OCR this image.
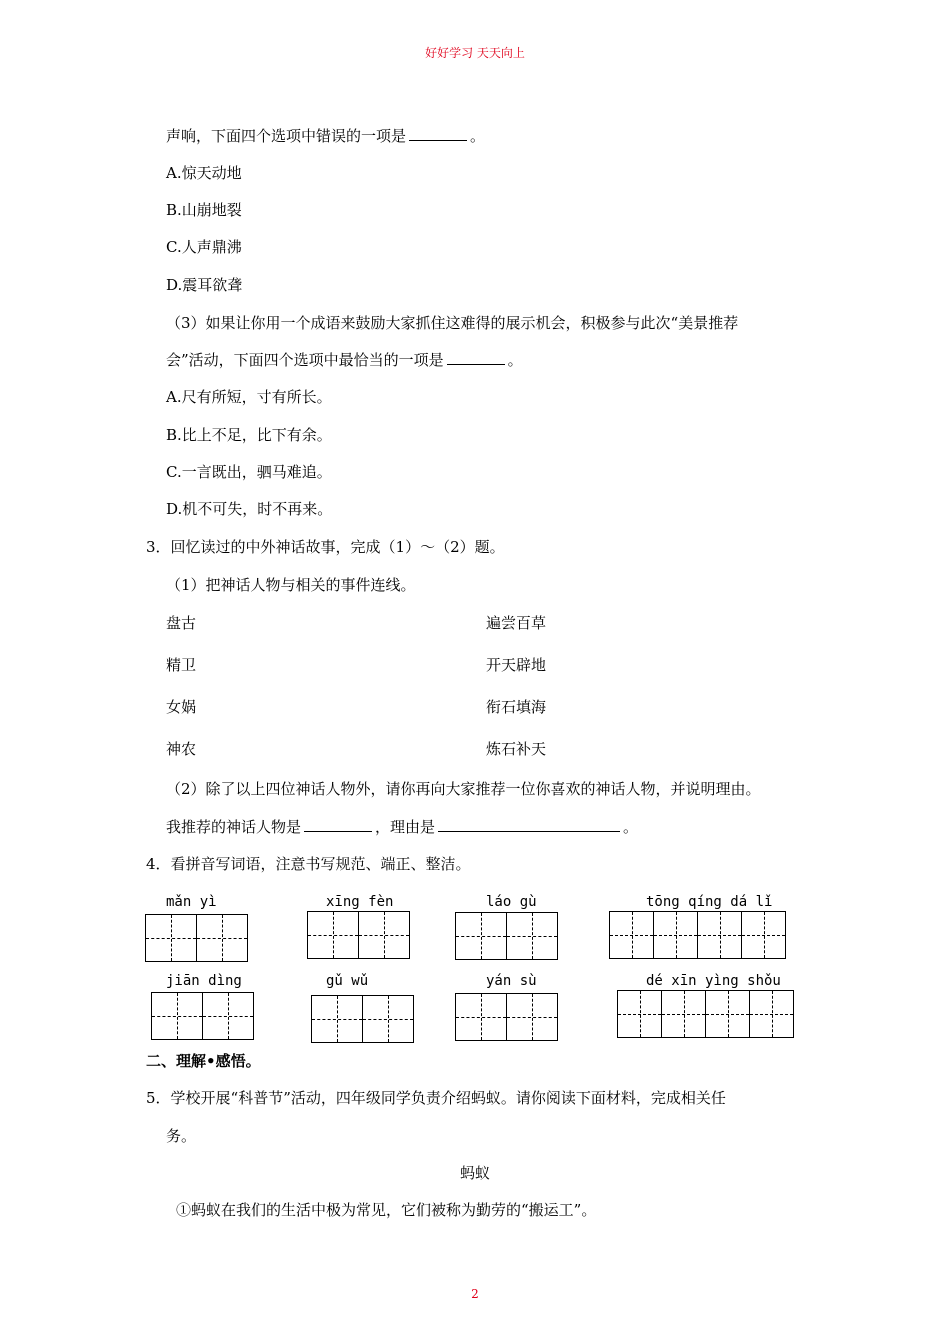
好好学习 天天向上
声响，下面四个选项中错误的一项是	。
A.惊天动地
B.山崩地裂
C.人声鼎沸
D.震耳欲聋
（3）如果让你用一个成语来鼓励大家抓住这难得的展示机会，积极参与此次“美景推荐
会”活动，下面四个选项中最恰当的一项是	。
A.尺有所短，寸有所长。
B.比上不足，比下有余。
C.一言既出，驷马难追。
D.机不可失，时不再来。
3．回忆读过的中外神话故事，完成（1）～（2）题。
（1）把神话人物与相关的事件连线。
盘古
精卫
女娲
神农
遍尝百草
开天辟地
衔石填海
炼石补天
（2）除了以上四位神话人物外，请你再向大家推荐一位你喜欢的神话人物，并说明理由。
我推荐的神话人物是	，理由是	。
4．看拼音写词语，注意书写规范、端正、整洁。
mǎn yì	xīng fèn	láo gù	tōng qíng dá lǐ
jiān dìng	gǔ wǔ	yán sù	dé xīn yìng shǒu
二、理解•感悟。
5．学校开展“科普节”活动，四年级同学负责介绍蚂蚁。请你阅读下面材料，完成相关任
务。
蚂蚁
①蚂蚁在我们的生活中极为常见，它们被称为勤劳的“搬运工”。
2
